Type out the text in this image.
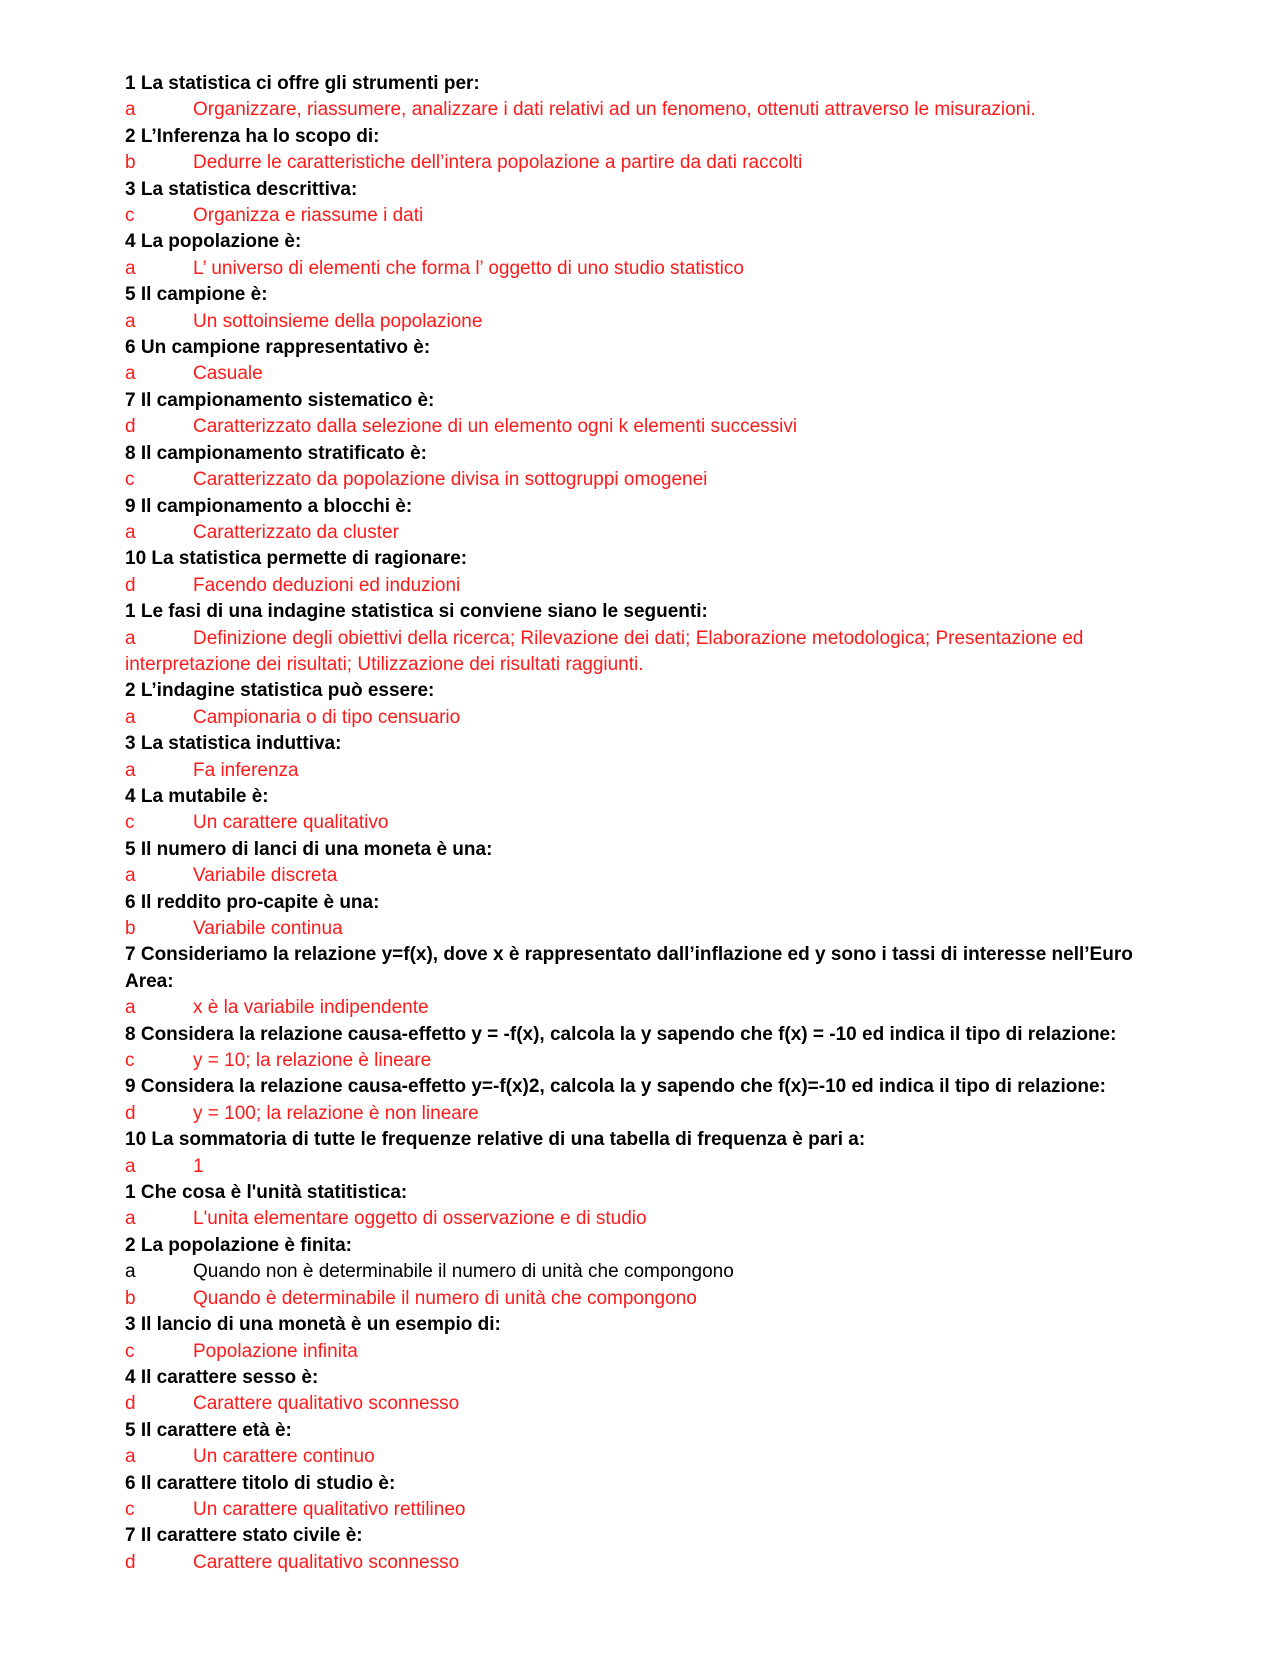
1 La statistica ci offre gli strumenti per:
a	Organizzare, riassumere, analizzare i dati relativi ad un fenomeno, ottenuti attraverso le misurazioni.
2 L’Inferenza ha lo scopo di:
b	Dedurre le caratteristiche dell’intera popolazione a partire da dati raccolti
3 La statistica descrittiva:
c	Organizza e riassume i dati
4 La popolazione è:
a	L’ universo di elementi che forma l’ oggetto di uno studio statistico
5 Il campione è:
a	Un sottoinsieme della popolazione
6 Un campione rappresentativo è:
a	Casuale
7 Il campionamento sistematico è:
d	Caratterizzato dalla selezione di un elemento ogni k elementi successivi
8 Il campionamento stratificato è:
c	Caratterizzato da popolazione divisa in sottogruppi omogenei
9 Il campionamento a blocchi è:
a	Caratterizzato da cluster
10 La statistica permette di ragionare:
d	Facendo deduzioni ed induzioni
1 Le fasi di una indagine statistica si conviene siano le seguenti:
a	Definizione degli obiettivi della ricerca; Rilevazione dei dati; Elaborazione metodologica; Presentazione ed
interpretazione dei risultati; Utilizzazione dei risultati raggiunti.
2 L’indagine statistica può essere:
a	Campionaria o di tipo censuario
3 La statistica induttiva:
a	Fa inferenza
4 La mutabile è:
c	Un carattere qualitativo
5 Il numero di lanci di una moneta è una:
a	Variabile discreta
6 Il reddito pro-capite è una:
b	Variabile continua
7 Consideriamo la relazione y=f(x), dove x è rappresentato dall’inflazione ed y sono i tassi di interesse nell’Euro Area:
a	x è la variabile indipendente
8 Considera la relazione causa-effetto y = -f(x), calcola la y sapendo che f(x) = -10 ed indica il tipo di relazione:
c	y = 10; la relazione è lineare
9 Considera la relazione causa-effetto y=-f(x)2, calcola la y sapendo che f(x)=-10 ed indica il tipo di relazione:
d	y = 100; la relazione è non lineare
10 La sommatoria di tutte le frequenze relative di una tabella di frequenza è pari a:
a	1
1 Che cosa è l'unità statitistica:
a	L'unita elementare oggetto di osservazione e di studio
2 La popolazione è finita:
a	Quando non è determinabile il numero di unità che compongono
b	Quando è determinabile il numero di unità che compongono
3 Il lancio di una monetà è un esempio di:
c	Popolazione infinita
4 Il carattere sesso è:
d	Carattere qualitativo sconnesso
5 Il carattere età è:
a	Un carattere continuo
6 Il carattere titolo di studio è:
c	Un carattere qualitativo rettilineo
7 Il carattere stato civile è:
d	Carattere qualitativo sconnesso
